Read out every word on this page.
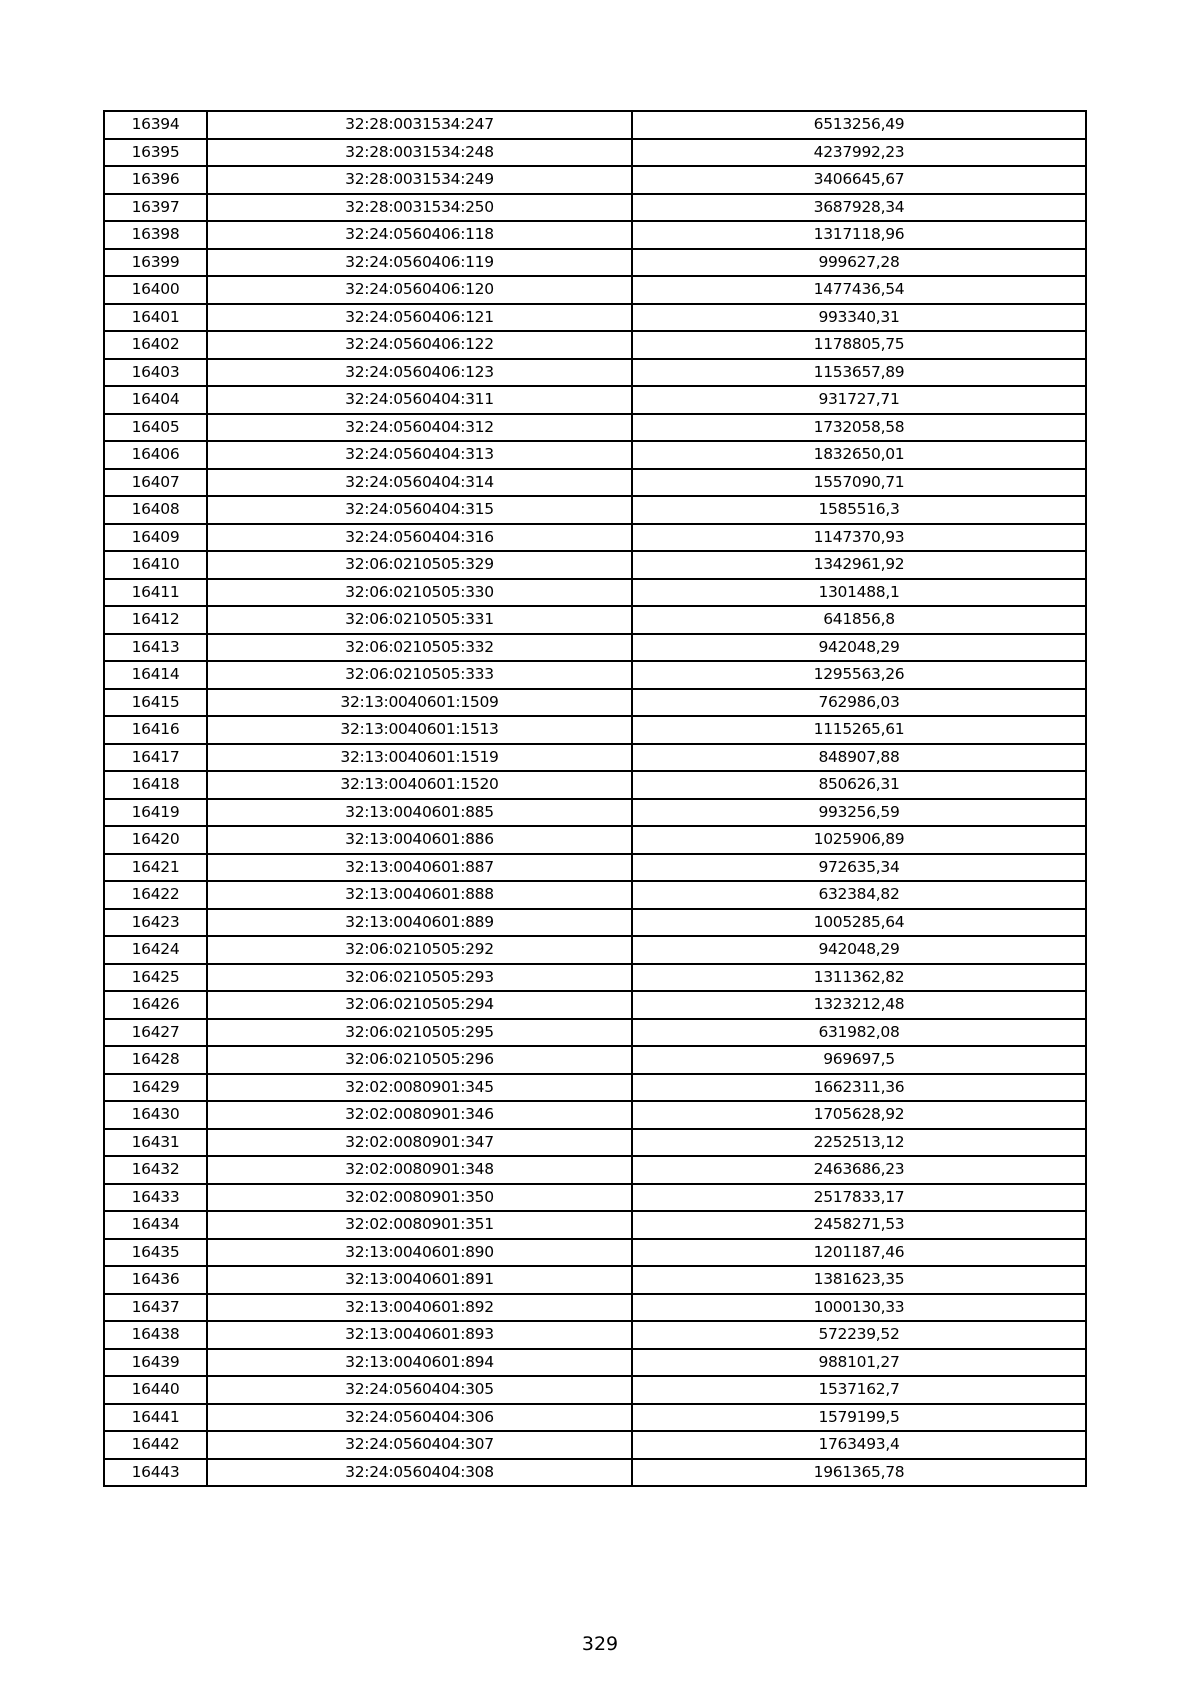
16394	32:28:0031534:247	6513256,49
16395	32:28:0031534:248	4237992,23
16396	32:28:0031534:249	3406645,67
16397	32:28:0031534:250	3687928,34
16398	32:24:0560406:118	1317118,96
16399	32:24:0560406:119	999627,28
16400	32:24:0560406:120	1477436,54
16401	32:24:0560406:121	993340,31
16402	32:24:0560406:122	1178805,75
16403	32:24:0560406:123	1153657,89
16404	32:24:0560404:311	931727,71
16405	32:24:0560404:312	1732058,58
16406	32:24:0560404:313	1832650,01
16407	32:24:0560404:314	1557090,71
16408	32:24:0560404:315	1585516,3
16409	32:24:0560404:316	1147370,93
16410	32:06:0210505:329	1342961,92
16411	32:06:0210505:330	1301488,1
16412	32:06:0210505:331	641856,8
16413	32:06:0210505:332	942048,29
16414	32:06:0210505:333	1295563,26
16415	32:13:0040601:1509	762986,03
16416	32:13:0040601:1513	1115265,61
16417	32:13:0040601:1519	848907,88
16418	32:13:0040601:1520	850626,31
16419	32:13:0040601:885	993256,59
16420	32:13:0040601:886	1025906,89
16421	32:13:0040601:887	972635,34
16422	32:13:0040601:888	632384,82
16423	32:13:0040601:889	1005285,64
16424	32:06:0210505:292	942048,29
16425	32:06:0210505:293	1311362,82
16426	32:06:0210505:294	1323212,48
16427	32:06:0210505:295	631982,08
16428	32:06:0210505:296	969697,5
16429	32:02:0080901:345	1662311,36
16430	32:02:0080901:346	1705628,92
16431	32:02:0080901:347	2252513,12
16432	32:02:0080901:348	2463686,23
16433	32:02:0080901:350	2517833,17
16434	32:02:0080901:351	2458271,53
16435	32:13:0040601:890	1201187,46
16436	32:13:0040601:891	1381623,35
16437	32:13:0040601:892	1000130,33
16438	32:13:0040601:893	572239,52
16439	32:13:0040601:894	988101,27
16440	32:24:0560404:305	1537162,7
16441	32:24:0560404:306	1579199,5
16442	32:24:0560404:307	1763493,4
16443	32:24:0560404:308	1961365,78
329
